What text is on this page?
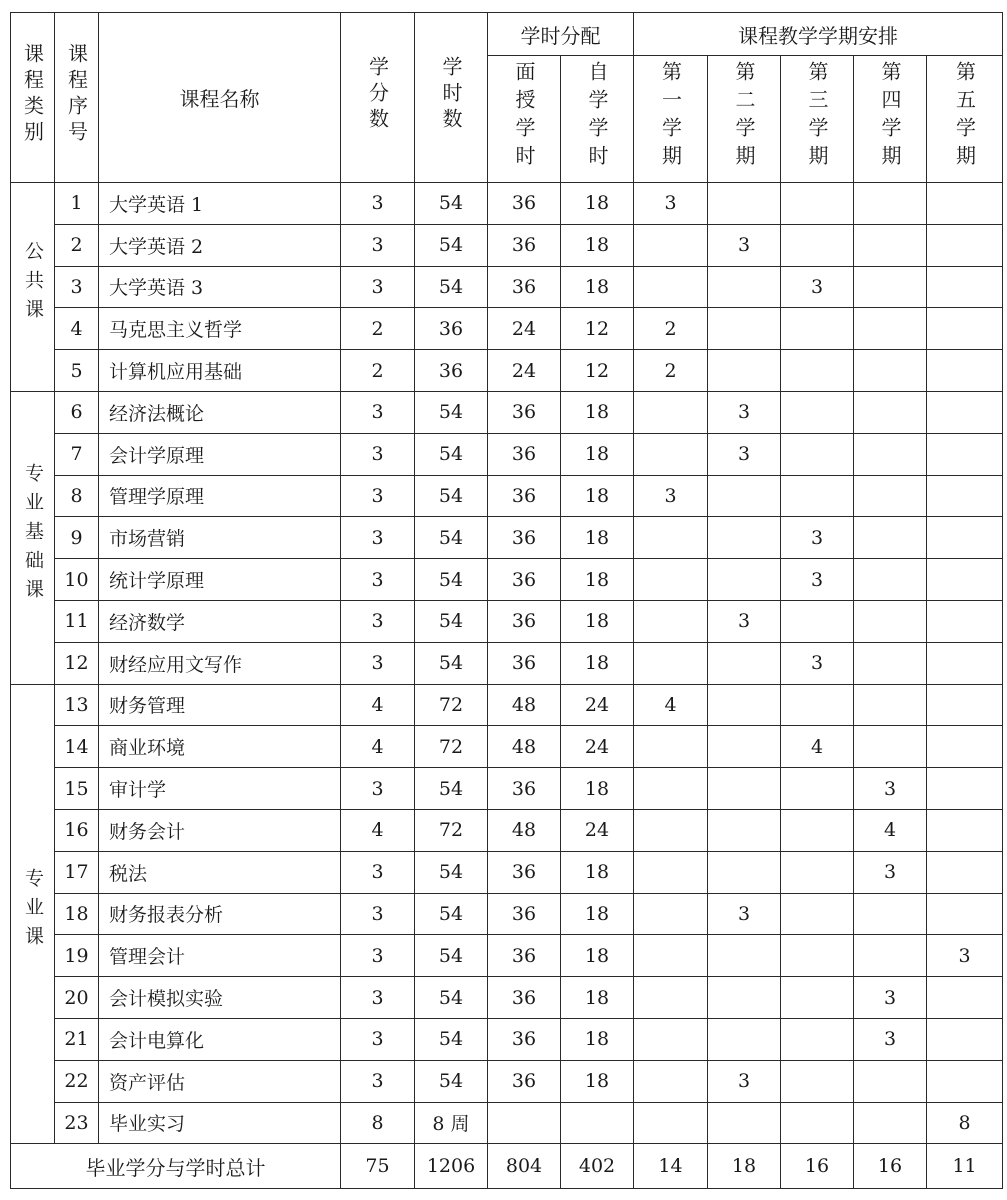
课程类别	课程序号	课程名称	学分数	学时数	学时分配		课程教学学期安排				
					面授学时	自学学时	第一学期	第二学期	第三学期	第四学期	第五学期
公共课	1	大学英语 1	3	54	36	18	3				
	2	大学英语 2	3	54	36	18		3			
	3	大学英语 3	3	54	36	18			3		
	4	马克思主义哲学	2	36	24	12	2				
	5	计算机应用基础	2	36	24	12	2				
专业基础课	6	经济法概论	3	54	36	18		3			
	7	会计学原理	3	54	36	18		3			
	8	管理学原理	3	54	36	18	3				
	9	市场营销	3	54	36	18			3		
	10	统计学原理	3	54	36	18			3		
	11	经济数学	3	54	36	18		3			
	12	财经应用文写作	3	54	36	18			3		
专业课	13	财务管理	4	72	48	24	4				
	14	商业环境	4	72	48	24			4		
	15	审计学	3	54	36	18				3	
	16	财务会计	4	72	48	24				4	
	17	税法	3	54	36	18				3	
	18	财务报表分析	3	54	36	18		3			
	19	管理会计	3	54	36	18					3
	20	会计模拟实验	3	54	36	18				3	
	21	会计电算化	3	54	36	18				3	
	22	资产评估	3	54	36	18		3			
	23	毕业实习	8	8 周							8
毕业学分与学时总计			75	1206	804	402	14	18	16	16	11
